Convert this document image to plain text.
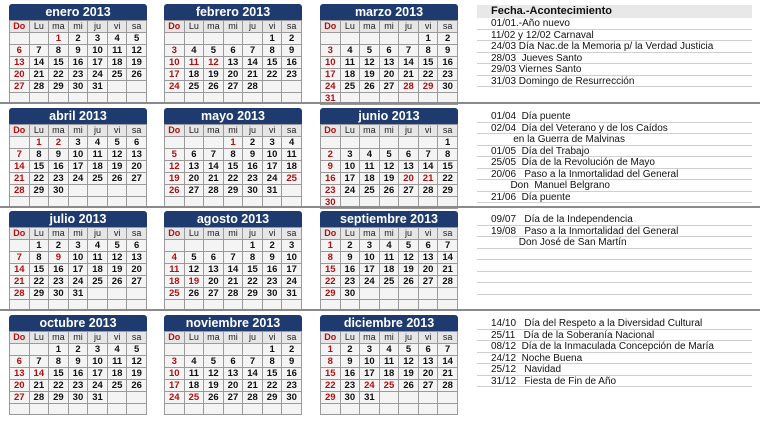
enero 2013
Do	Lu	ma	mi	ju	vi	sa
		1	2	3	4	5
6	7	8	9	10	11	12
13	14	15	16	17	18	19
20	21	22	23	24	25	26
27	28	29	30	31		

febrero 2013
Do	Lu	ma	mi	ju	vi	sa
					1	2
3	4	5	6	7	8	9
10	11	12	13	14	15	16
17	18	19	20	21	22	23
24	25	26	27	28		

marzo 2013
Do	Lu	ma	mi	ju	vi	sa
					1	2
3	4	5	6	7	8	9
10	11	12	13	14	15	16
17	18	19	20	21	22	23
24	25	26	27	28	29	30
31						
abril 2013
Do	Lu	ma	mi	ju	vi	sa
	1	2	3	4	5	6
7	8	9	10	11	12	13
14	15	16	17	18	19	20
21	22	23	24	25	26	27
28	29	30				

mayo 2013
Do	Lu	ma	mi	ju	vi	sa
			1	2	3	4
5	6	7	8	9	10	11
12	13	14	15	16	17	18
19	20	21	22	23	24	25
26	27	28	29	30	31	

junio 2013
Do	Lu	ma	mi	ju	vi	sa
						1
2	3	4	5	6	7	8
9	10	11	12	13	14	15
16	17	18	19	20	21	22
23	24	25	26	27	28	29
30						
julio 2013
Do	Lu	ma	mi	ju	vi	sa
	1	2	3	4	5	6
7	8	9	10	11	12	13
14	15	16	17	18	19	20
21	22	23	24	25	26	27
28	29	30	31			

agosto 2013
Do	Lu	ma	mi	ju	vi	sa
				1	2	3
4	5	6	7	8	9	10
11	12	13	14	15	16	17
18	19	20	21	22	23	24
25	26	27	28	29	30	31

septiembre 2013
Do	Lu	ma	mi	ju	vi	sa
1	2	3	4	5	6	7
8	9	10	11	12	13	14
15	16	17	18	19	20	21
22	23	24	25	26	27	28
29	30					

octubre 2013
Do	Lu	ma	mi	ju	vi	sa
		1	2	3	4	5
6	7	8	9	10	11	12
13	14	15	16	17	18	19
20	21	22	23	24	25	26
27	28	29	30	31		

noviembre 2013
Do	Lu	ma	mi	ju	vi	sa
					1	2
3	4	5	6	7	8	9
10	11	12	13	14	15	16
17	18	19	20	21	22	23
24	25	26	27	28	29	30

diciembre 2013
Do	Lu	ma	mi	ju	vi	sa
1	2	3	4	5	6	7
8	9	10	11	12	13	14
15	16	17	18	19	20	21
22	23	24	25	26	27	28
29	30	31				

Fecha.-Acontecimiento
01/01.-Año nuevo
11/02 y 12/02 Carnaval
24/03 Día Nac.de la Memoria p/ la Verdad Justicia
28/03  Jueves Santo
29/03 Viernes Santo
31/03 Domingo de Resurrección
01/04  Día puente
02/04  Día del Veterano y de los Caídos
en la Guerra de Malvinas
01/05  Día del Trabajo
25/05  Día de la Revolución de Mayo
20/06   Paso a la Inmortalidad del General
Don  Manuel Belgrano
21/06  Día puente
09/07   Día de la Independencia
19/08   Paso a la Inmortalidad del General
Don José de San Martín
14/10   Día del Respeto a la Diversidad Cultural
25/11   Día de la Soberanía Nacional
08/12  Día de la Inmaculada Concepción de María
24/12  Noche Buena
25/12   Navidad
31/12   Fiesta de Fin de Año
